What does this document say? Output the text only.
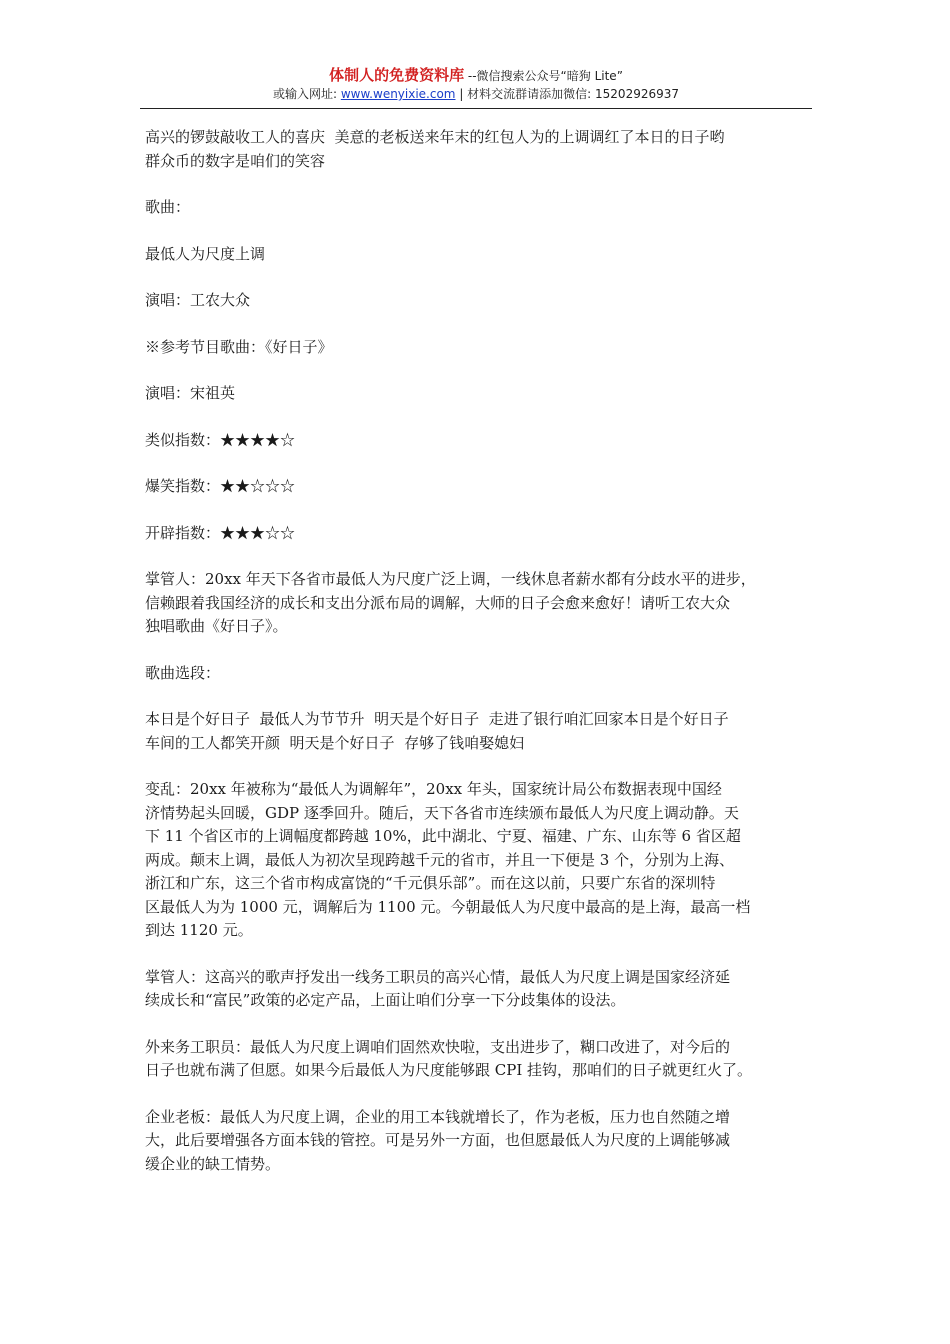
体制人的免费资料库 --微信搜索公众号“暗狗 Lite”
或输入网址: www.wenyixie.com | 材料交流群请添加微信: 15202926937
高兴的锣鼓敲收工人的喜庆  美意的老板送来年末的红包人为的上调调红了本日的日子哟
群众币的数字是咱们的笑容
歌曲：
最低人为尺度上调
演唱：工农大众
※参考节目歌曲：《好日子》
演唱：宋祖英
类似指数：★★★★☆
爆笑指数：★★☆☆☆
开辟指数：★★★☆☆
掌管人：20xx 年天下各省市最低人为尺度广泛上调，一线休息者薪水都有分歧水平的进步，
信赖跟着我国经济的成长和支出分派布局的调解，大师的日子会愈来愈好！请听工农大众
独唱歌曲《好日子》。
歌曲选段：
本日是个好日子  最低人为节节升  明天是个好日子  走进了银行咱汇回家本日是个好日子
车间的工人都笑开颜  明天是个好日子  存够了钱咱娶媳妇
变乱：20xx 年被称为“最低人为调解年”，20xx 年头，国家统计局公布数据表现中国经
济情势起头回暖，GDP 逐季回升。随后，天下各省市连续颁布最低人为尺度上调动静。天
下 11 个省区市的上调幅度都跨越 10%，此中湖北、宁夏、福建、广东、山东等 6 省区超
两成。颠末上调，最低人为初次呈现跨越千元的省市，并且一下便是 3 个，分别为上海、
浙江和广东，这三个省市构成富饶的“千元俱乐部”。而在这以前，只要广东省的深圳特
区最低人为为 1000 元，调解后为 1100 元。今朝最低人为尺度中最高的是上海，最高一档
到达 1120 元。
掌管人：这高兴的歌声抒发出一线务工职员的高兴心情，最低人为尺度上调是国家经济延
续成长和“富民”政策的必定产品，上面让咱们分享一下分歧集体的设法。
外来务工职员：最低人为尺度上调咱们固然欢快啦，支出进步了，糊口改进了，对今后的
日子也就布满了但愿。如果今后最低人为尺度能够跟 CPI 挂钩，那咱们的日子就更红火了。
企业老板：最低人为尺度上调，企业的用工本钱就增长了，作为老板，压力也自然随之增
大，此后要增强各方面本钱的管控。可是另外一方面，也但愿最低人为尺度的上调能够减
缓企业的缺工情势。
